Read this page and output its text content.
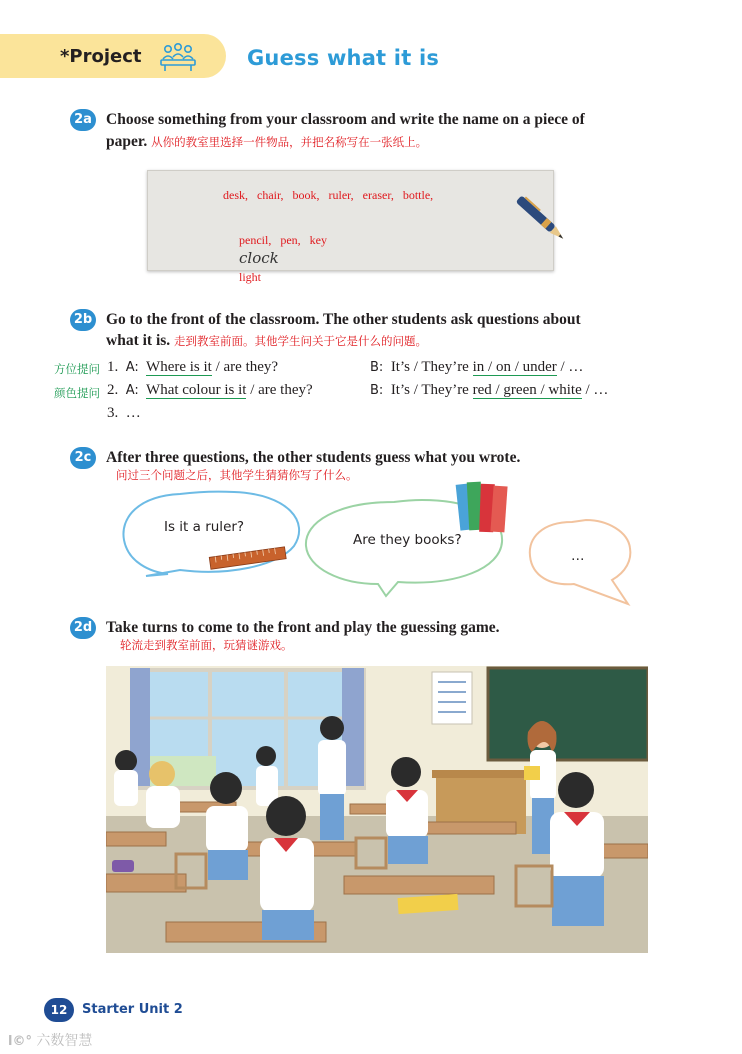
*Project	Guess what it is
2a Choose something from your classroom and write the name on a piece of
paper. 从你的教室里选择一件物品，并把名称写在一张纸上。
desk,   chair,   book,   ruler,   eraser,   bottle,

pencil,   pen,   key
clock
light

2b Go to the front of the classroom. The other students ask questions about
what it is. 走到教室前面。其他学生问关于它是什么的问题。
方位提问
颜色提问
1. A: Where is it / are they?	B: It’s / They’re in / on / under / …
2. A: What colour is it / are they?	B: It’s / They’re red / green / white / …
3.  …
2c After three questions, the other students guess what you wrote.
问过三个问题之后，其他学生猜猜你写了什么。
Is it a ruler?
Are they books?
…
2d Take turns to come to the front and play the guessing game.
轮流走到教室前面，玩猜谜游戏。
12	Starter Unit 2
l©° 六数智慧
